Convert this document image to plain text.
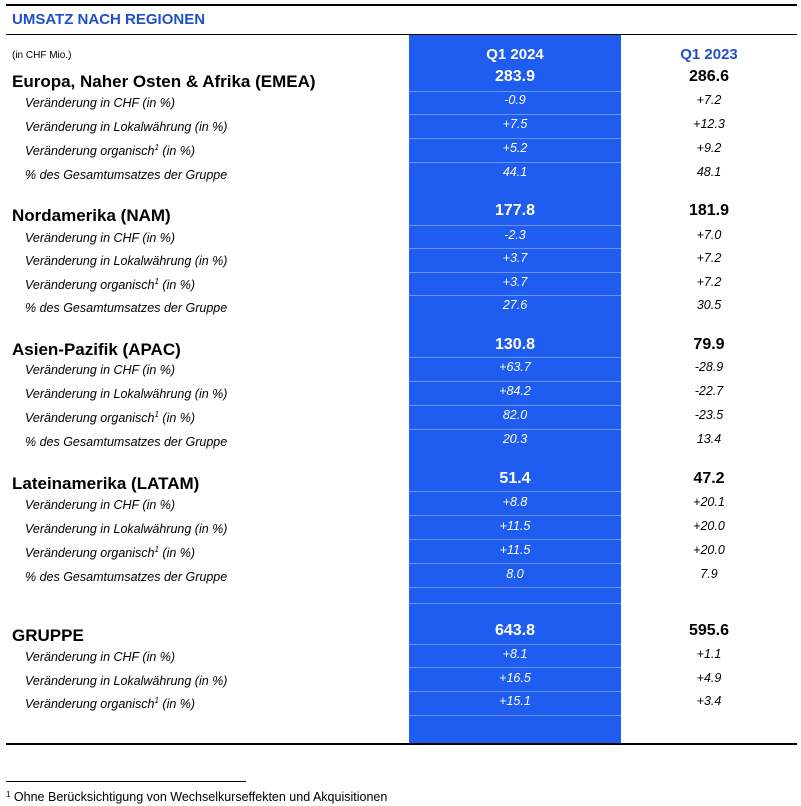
UMSATZ NACH REGIONEN
(in CHF Mio.)	Q1 2024	Q1 2023
Europa, Naher Osten & Afrika (EMEA)	283.9	286.6
Veränderung in CHF (in %)	-0.9	+7.2
Veränderung in Lokalwährung (in %)	+7.5	+12.3
Veränderung organisch$^1$ (in %)	+5.2	+9.2
% des Gesamtumsatzes der Gruppe	44.1	48.1
Nordamerika (NAM)	177.8	181.9
Veränderung in CHF (in %)	-2.3	+7.0
Veränderung in Lokalwährung (in %)	+3.7	+7.2
Veränderung organisch$^1$ (in %)	+3.7	+7.2
% des Gesamtumsatzes der Gruppe	27.6	30.5
Asien-Pazifik (APAC)	130.8	79.9
Veränderung in CHF (in %)	+63.7	-28.9
Veränderung in Lokalwährung (in %)	+84.2	-22.7
Veränderung organisch$^1$ (in %)	82.0	-23.5
% des Gesamtumsatzes der Gruppe	20.3	13.4
Lateinamerika (LATAM)	51.4	47.2
Veränderung in CHF (in %)	+8.8	+20.1
Veränderung in Lokalwährung (in %)	+11.5	+20.0
Veränderung organisch$^1$ (in %)	+11.5	+20.0
% des Gesamtumsatzes der Gruppe	8.0	7.9
GRUPPE	643.8	595.6
Veränderung in CHF (in %)	+8.1	+1.1
Veränderung in Lokalwährung (in %)	+16.5	+4.9
Veränderung organisch$^1$ (in %)	+15.1	+3.4
$^1$ Ohne Berücksichtigung von Wechselkurseffekten und Akquisitionen
